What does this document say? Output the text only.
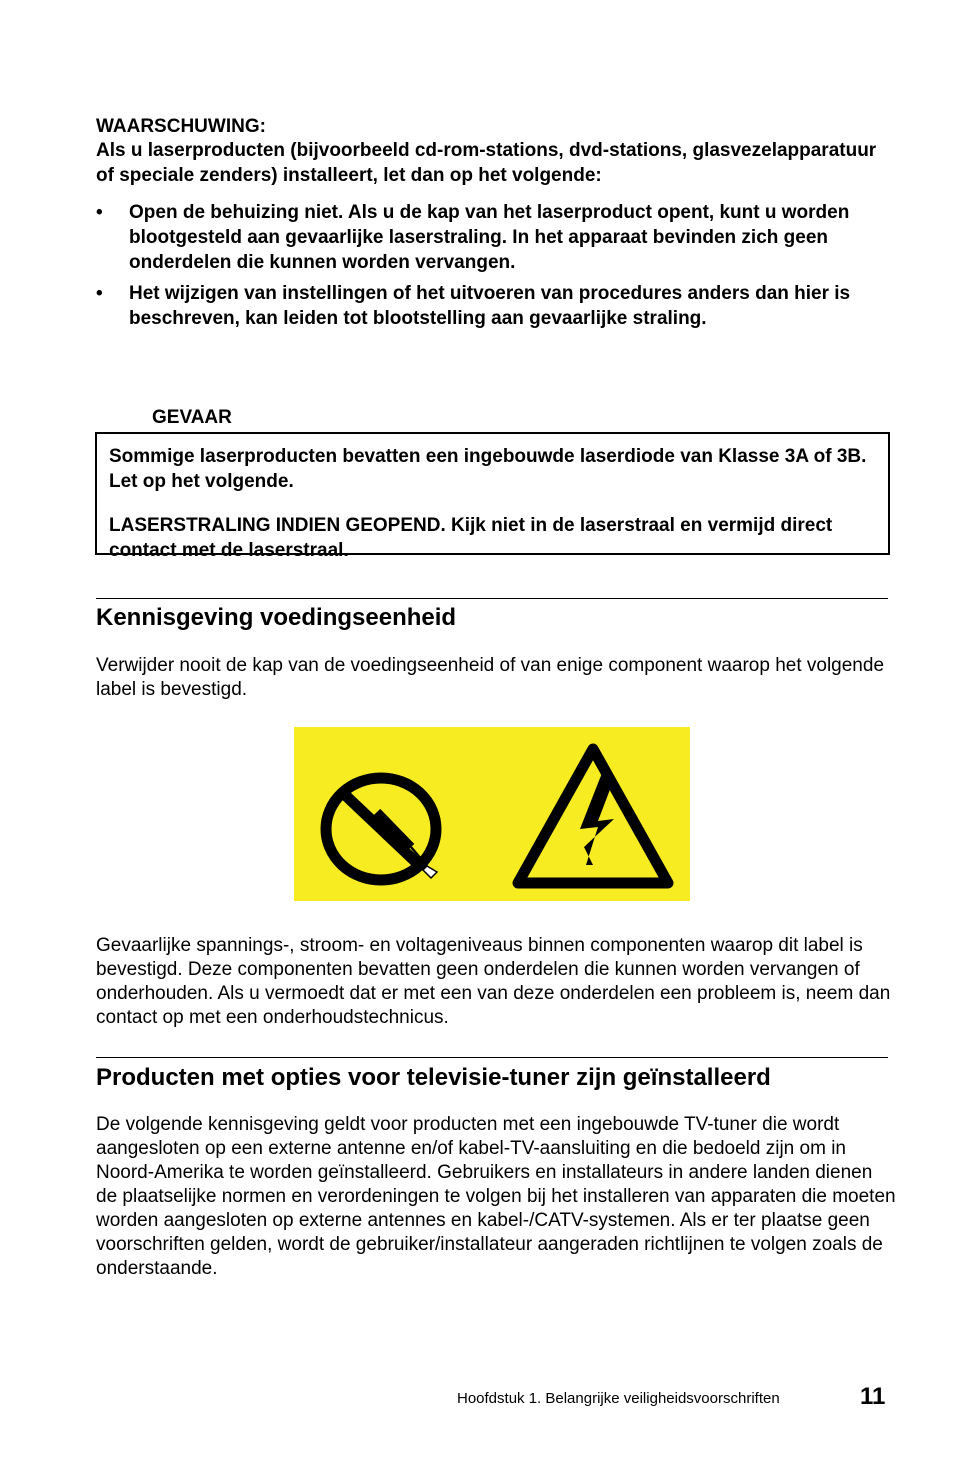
WAARSCHUWING:
Als u laserproducten (bijvoorbeeld cd-rom-stations, dvd-stations, glasvezelapparatuur of speciale zenders) installeert, let dan op het volgende:
• Open de behuizing niet. Als u de kap van het laserproduct opent, kunt u worden blootgesteld aan gevaarlijke laserstraling. In het apparaat bevinden zich geen onderdelen die kunnen worden vervangen.
• Het wijzigen van instellingen of het uitvoeren van procedures anders dan hier is beschreven, kan leiden tot blootstelling aan gevaarlijke straling.
GEVAAR

Sommige laserproducten bevatten een ingebouwde laserdiode van Klasse 3A of 3B. Let op het volgende.

LASERSTRALING INDIEN GEOPEND. Kijk niet in de laserstraal en vermijd direct contact met de laserstraal.

Kennisgeving voedingseenheid
Verwijder nooit de kap van de voedingseenheid of van enige component waarop het volgende label is bevestigd.
Gevaarlijke spannings-, stroom- en voltageniveaus binnen componenten waarop dit label is bevestigd. Deze componenten bevatten geen onderdelen die kunnen worden vervangen of onderhouden. Als u vermoedt dat er met een van deze onderdelen een probleem is, neem dan contact op met een onderhoudstechnicus.
Producten met opties voor televisie-tuner zijn geïnstalleerd
De volgende kennisgeving geldt voor producten met een ingebouwde TV-tuner die wordt aangesloten op een externe antenne en/of kabel-TV-aansluiting en die bedoeld zijn om in Noord-Amerika te worden geïnstalleerd. Gebruikers en installateurs in andere landen dienen de plaatselijke normen en verordeningen te volgen bij het installeren van apparaten die moeten worden aangesloten op externe antennes en kabel-/CATV-systemen. Als er ter plaatse geen voorschriften gelden, wordt de gebruiker/installateur aangeraden richtlijnen te volgen zoals de onderstaande.
Hoofdstuk 1. Belangrijke veiligheidsvoorschriften	11
